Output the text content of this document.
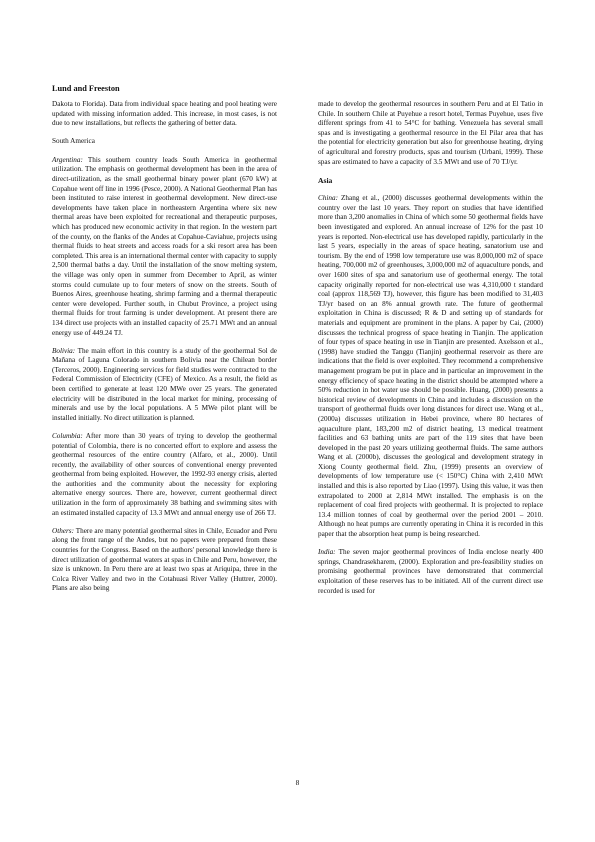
Lund and Freeston

Dakota to Florida). Data from individual space heating and pool heating were updated with missing information added. This increase, in most cases, is not due to new installations, but reflects the gathering of better data.

South America

Argentina: This southern country leads South America in geothermal utilization. The emphasis on geothermal development has been in the area of direct-utilization, as the small geothermal binary power plant (670 kW) at Copahue went off line in 1996 (Pesce, 2000). A National Geothermal Plan has been instituted to raise interest in geothermal development. New direct-use developments have taken place in northeastern Argentina where six new thermal areas have been exploited for recreational and therapeutic purposes, which has produced new economic activity in that region. In the western part of the county, on the flanks of the Andes at Copahue-Caviahue, projects using thermal fluids to heat streets and access roads for a ski resort area has been completed. This area is an international thermal center with capacity to supply 2,500 thermal baths a day. Until the installation of the snow melting system, the village was only open in summer from December to April, as winter storms could cumulate up to four meters of snow on the streets. South of Buenos Aires, greenhouse heating, shrimp farming and a thermal therapeutic center were developed. Further south, in Chubut Province, a project using thermal fluids for trout farming is under development. At present there are 134 direct use projects with an installed capacity of 25.71 MWt and an annual energy use of 449.24 TJ.

Bolivia: The main effort in this country is a study of the geothermal Sol de Mañana of Laguna Colorado in southern Bolivia near the Chilean border (Terceros, 2000). Engineering services for field studies were contracted to the Federal Commission of Electricity (CFE) of Mexico. As a result, the field as been certified to generate at least 120 MWe over 25 years. The generated electricity will be distributed in the local market for mining, processing of minerals and use by the local populations. A 5 MWe pilot plant will be installed initially. No direct utilization is planned.

Columbia: After more than 30 years of trying to develop the geothermal potential of Colombia, there is no concerted effort to explore and assess the geothermal resources of the entire country (Alfaro, et al., 2000). Until recently, the availability of other sources of conventional energy prevented geothermal from being exploited. However, the 1992-93 energy crisis, alerted the authorities and the community about the necessity for exploring alternative energy sources. There are, however, current geothermal direct utilization in the form of approximately 38 bathing and swimming sites with an estimated installed capacity of 13.3 MWt and annual energy use of 266 TJ.

Others: There are many potential geothermal sites in Chile, Ecuador and Peru along the front range of the Andes, but no papers were prepared from these countries for the Congress. Based on the authors' personal knowledge there is direct utilization of geothermal waters at spas in Chile and Peru, however, the size is unknown. In Peru there are at least two spas at Ariquipa, three in the Colca River Valley and two in the Cotahuasi River Valley (Huttrer, 2000). Plans are also being

made to develop the geothermal resources in southern Peru and at El Tatio in Chile. In southern Chile at Puyehue a resort hotel, Termas Puyehue, uses five different springs from 41 to 54°C for bathing. Venezuela has several small spas and is investigating a geothermal resource in the El Pilar area that has the potential for electricity generation but also for greenhouse heating, drying of agricultural and forestry products, spas and tourism (Urbani, 1999). These spas are estimated to have a capacity of 3.5 MWt and use of 70 TJ/yr.

Asia

China: Zhang et al., (2000) discusses geothermal developments within the country over the last 10 years. They report on studies that have identified more than 3,200 anomalies in China of which some 50 geothermal fields have been investigated and explored. An annual increase of 12% for the past 10 years is reported. Non-electrical use has developed rapidly, particularly in the last 5 years, especially in the areas of space heating, sanatorium use and tourism. By the end of 1998 low temperature use was 8,000,000 m2 of space heating, 700,000 m2 of greenhouses, 3,000,000 m2 of aquaculture ponds, and over 1600 sites of spa and sanatorium use of geothermal energy. The total capacity originally reported for non-electrical use was 4,310,000 t standard coal (approx 118,569 TJ), however, this figure has been modified to 31,403 TJ/yr based on an 8% annual growth rate. The future of geothermal exploitation in China is discussed; R & D and setting up of standards for materials and equipment are prominent in the plans. A paper by Cai, (2000) discusses the technical progress of space heating in Tianjin. The application of four types of space heating in use in Tianjin are presented. Axelsson et al., (1998) have studied the Tanggu (Tianjin) geothermal reservoir as there are indications that the field is over exploited. They recommend a comprehensive management program be put in place and in particular an improvement in the energy efficiency of space heating in the district should be attempted where a 50% reduction in hot water use should be possible. Huang, (2000) presents a historical review of developments in China and includes a discussion on the transport of geothermal fluids over long distances for direct use. Wang et al., (2000a) discusses utilization in Hebei province, where 80 hectares of aquaculture plant, 183,200 m2 of district heating, 13 medical treatment facilities and 63 bathing units are part of the 119 sites that have been developed in the past 20 years utilizing geothermal fluids. The same authors Wang et al. (2000b), discusses the geological and development strategy in Xiong County geothermal field. Zhu, (1999) presents an overview of developments of low temperature use (< 150°C) China with 2,410 MWt installed and this is also reported by Liao (1997). Using this value, it was then extrapolated to 2000 at 2,814 MWt installed. The emphasis is on the replacement of coal fired projects with geothermal. It is projected to replace 13.4 million tonnes of coal by geothermal over the period 2001 – 2010. Although no heat pumps are currently operating in China it is recorded in this paper that the absorption heat pump is being researched.

India: The seven major geothermal provinces of India enclose nearly 400 springs, Chandrasekharem, (2000). Exploration and pre-feasibility studies on promising geothermal provinces have demonstrated that commercial exploitation of these reserves has to be initiated. All of the current direct use recorded is used for

8
